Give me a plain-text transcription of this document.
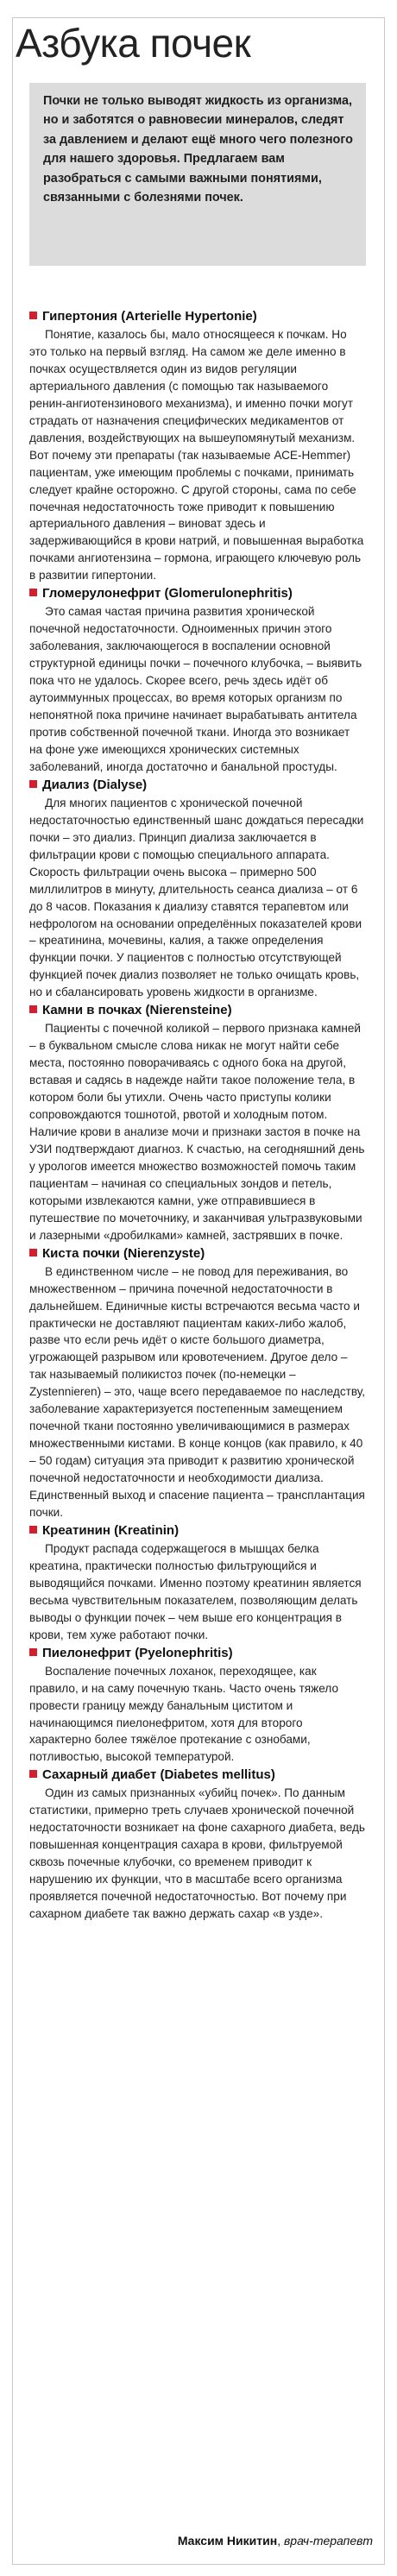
Азбука почек

Почки не только выводят жидкость из организма, но и заботятся о равновесии минералов, следят за давлением и делают ещё много чего полезного для нашего здоровья. Предлагаем вам разобраться с самыми важными понятиями, связанными с болезнями почек.

Гипертония (Arterielle Hypertonie)

Понятие, казалось бы, мало относящееся к почкам. Но это только на первый взгляд. На самом же деле именно в почках осуществляется один из видов регуляции артериального давления (с помощью так называемого ренин-ангиотензинового механизма), и именно почки могут страдать от назначения специфических медикаментов от давления, воздействующих на вышеупомянутый механизм. Вот почему эти препараты (так называемые АСЕ-Hemmer) пациентам, уже имеющим проблемы с почками, принимать следует крайне осторожно. С другой стороны, сама по себе почечная недостаточность тоже приводит к повышению артериального давления – виноват здесь и задерживающийся в крови натрий, и повышенная выработка почками ангиотензина – гормона, играющего ключевую роль в развитии гипертонии.

Гломерулонефрит (Glomerulonephritis)

Это самая частая причина развития хронической почечной недостаточности. Одноименных причин этого заболевания, заключающегося в воспалении основной структурной единицы почки – почечного клубочка, – выявить пока что не удалось. Скорее всего, речь здесь идёт об аутоиммунных процессах, во время которых организм по непонятной пока причине начинает вырабатывать антитела против собственной почечной ткани. Иногда это возникает на фоне уже имеющихся хронических системных заболеваний, иногда достаточно и банальной простуды.

Диализ (Dialyse)

Для многих пациентов с хронической почечной недостаточностью единственный шанс дождаться пересадки почки – это диализ. Принцип диализа заключается в фильтрации крови с помощью специального аппарата. Скорость фильтрации очень высока – примерно 500 миллилитров в минуту, длительность сеанса диализа – от 6 до 8 часов. Показания к диализу ставятся терапевтом или нефрологом на основании определённых показателей крови – креатинина, мочевины, калия, а также определения функции почки. У пациентов с полностью отсутствующей функцией почек диализ позволяет не только очищать кровь, но и сбалансировать уровень жидкости в организме.

Камни в почках (Nierensteine)

Пациенты с почечной коликой – первого признака камней – в буквальном смысле слова никак не могут найти себе места, постоянно поворачиваясь с одного бока на другой, вставая и садясь в надежде найти такое положение тела, в котором боли бы утихли. Очень часто приступы колики сопровождаются тошнотой, рвотой и холодным потом. Наличие крови в анализе мочи и признаки застоя в почке на УЗИ подтверждают диагноз. К счастью, на сегодняшний день у урологов имеется множество возможностей помочь таким пациентам – начиная со специальных зондов и петель, которыми извлекаются камни, уже отправившиеся в путешествие по мочеточнику, и заканчивая ультразвуковыми и лазерными «дробилками» камней, застрявших в почке.

Киста почки (Nierenzyste)

В единственном числе – не повод для переживания, во множественном – причина почечной недостаточности в дальнейшем. Единичные кисты встречаются весьма часто и практически не доставляют пациентам каких-либо жалоб, разве что если речь идёт о кисте большого диаметра, угрожающей разрывом или кровотечением. Другое дело – так называемый поликистоз почек (по-немецки – Zystennieren) – это, чаще всего передаваемое по наследству, заболевание характеризуется постепенным замещением почечной ткани постоянно увеличивающимися в размерах множественными кистами. В конце концов (как правило, к 40 – 50 годам) ситуация эта приводит к развитию хронической почечной недостаточности и необходимости диализа. Единственный выход и спасение пациента – трансплантация почки.

Креатинин (Kreatinin)

Продукт распада содержащегося в мышцах белка креатина, практически полностью фильтрующийся и выводящийся почками. Именно поэтому креатинин является весьма чувствительным показателем, позволяющим делать выводы о функции почек – чем выше его концентрация в крови, тем хуже работают почки.

Пиелонефрит (Pyelonephritis)

Воспаление почечных лоханок, переходящее, как правило, и на саму почечную ткань. Часто очень тяжело провести границу между банальным циститом и начинающимся пиелонефритом, хотя для второго характерно более тяжёлое протекание с ознобами, потливостью, высокой температурой.

Сахарный диабет (Diabetes mellitus)

Один из самых признанных «убийц почек». По данным статистики, примерно треть случаев хронической почечной недостаточности возникает на фоне сахарного диабета, ведь повышенная концентрация сахара в крови, фильтруемой сквозь почечные клубочки, со временем приводит к нарушению их функции, что в масштабе всего организма проявляется почечной недостаточностью. Вот почему при сахарном диабете так важно держать сахар «в узде».

Максим Никитин, врач-терапевт
